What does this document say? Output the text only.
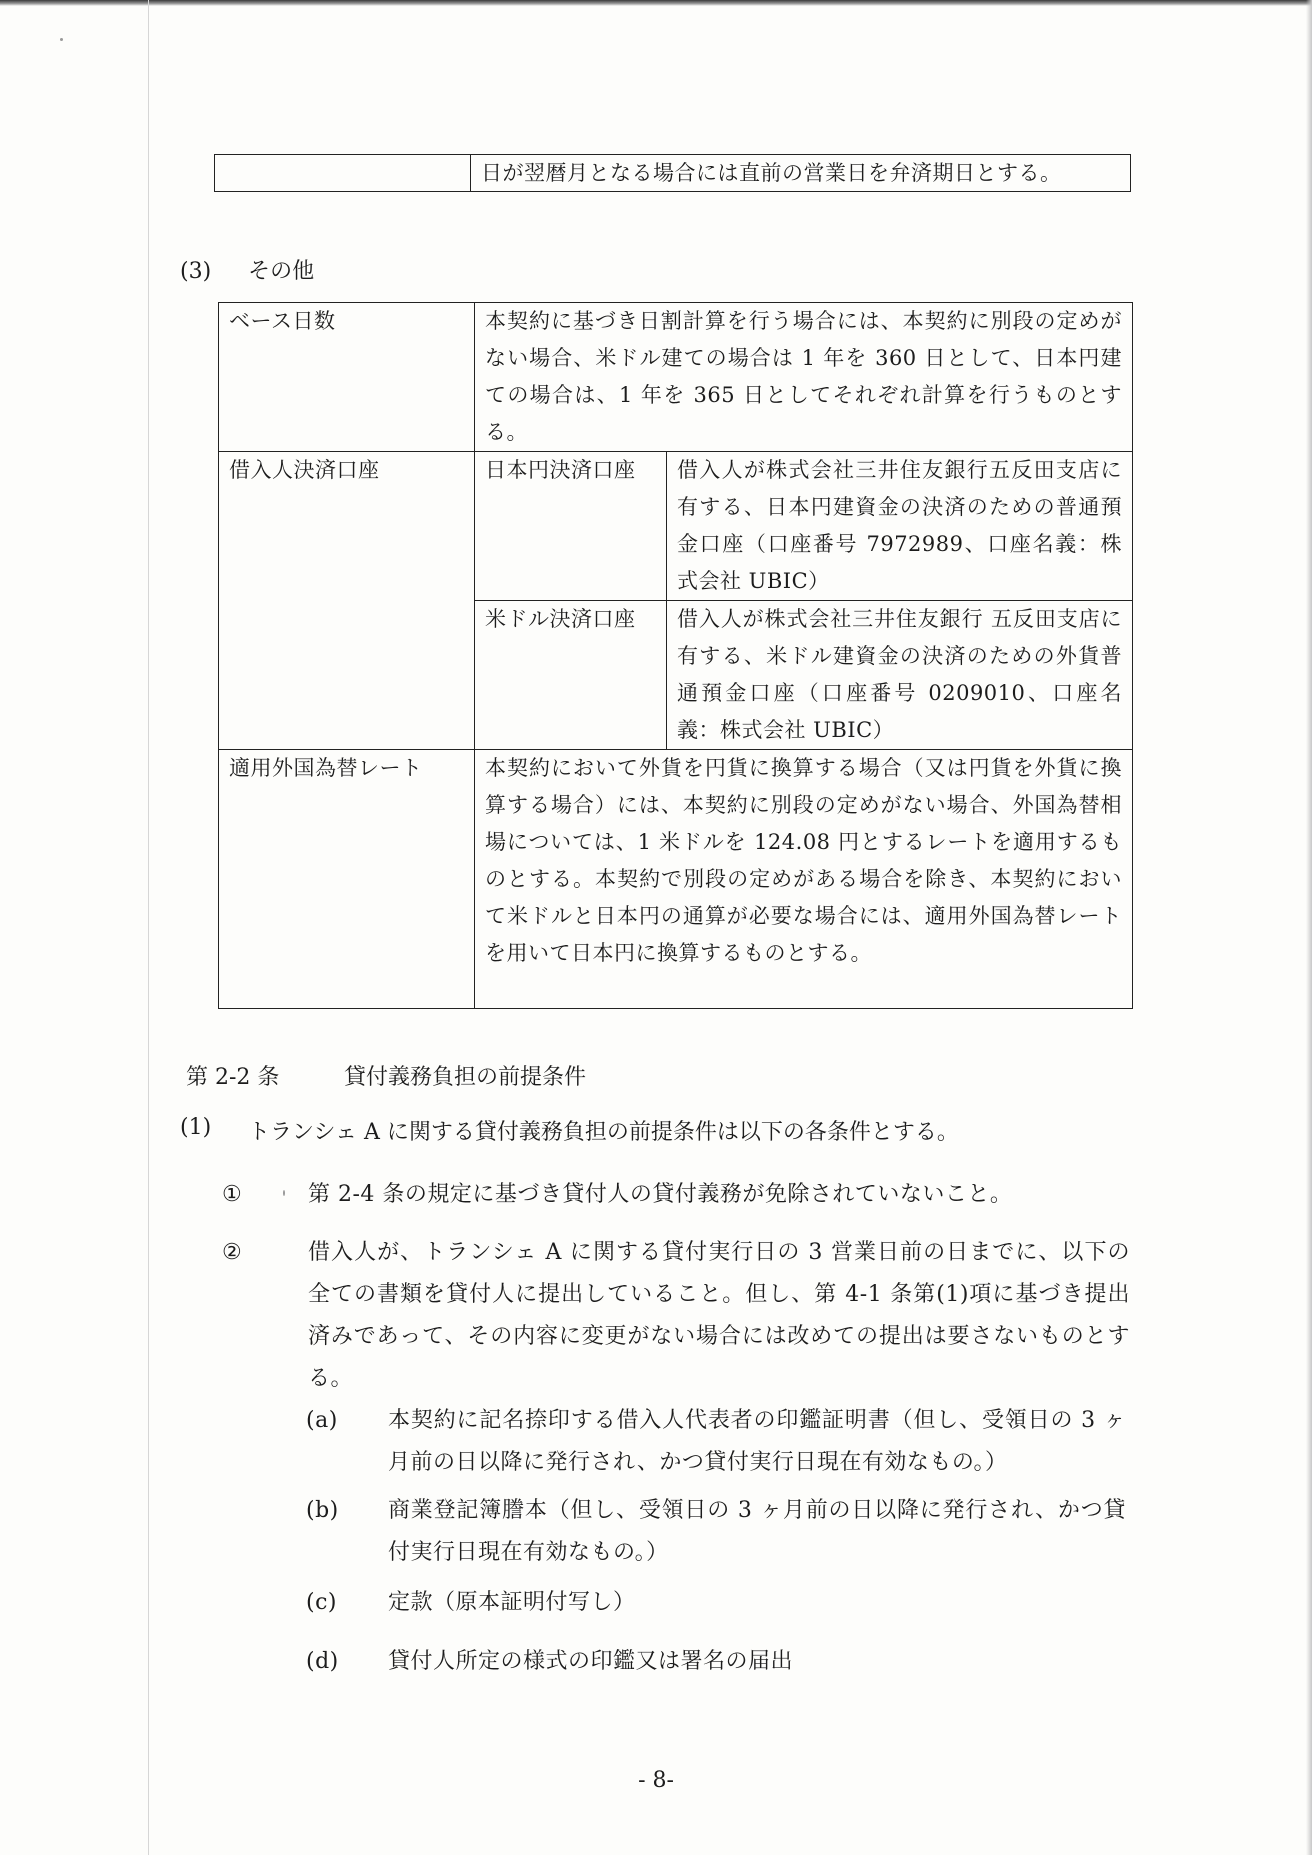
	日が翌暦月となる場合には直前の営業日を弁済期日とする。
(3) その他
ベース日数	本契約に基づき日割計算を行う場合には、本契約に別段の定めがない場合、米ドル建ての場合は 1 年を 360 日として、日本円建ての場合は、1 年を 365 日としてそれぞれ計算を行うものとする。	
借入人決済口座	日本円決済口座	借入人が株式会社三井住友銀行五反田支店に有する、日本円建資金の決済のための普通預金口座（口座番号 7972989、口座名義：株式会社 UBIC）
	米ドル決済口座	借入人が株式会社三井住友銀行 五反田支店に有する、米ドル建資金の決済のための外貨普通預金口座（口座番号 0209010、口座名義：株式会社 UBIC）
適用外国為替レート	本契約において外貨を円貨に換算する場合（又は円貨を外貨に換算する場合）には、本契約に別段の定めがない場合、外国為替相場については、1 米ドルを 124.08 円とするレートを適用するものとする。本契約で別段の定めがある場合を除き、本契約において米ドルと日本円の通算が必要な場合には、適用外国為替レートを用いて日本円に換算するものとする。	
第 2-2 条	貸付義務負担の前提条件
(1) トランシェ A に関する貸付義務負担の前提条件は以下の各条件とする。
①	第 2-4 条の規定に基づき貸付人の貸付義務が免除されていないこと。
②	借入人が、トランシェ A に関する貸付実行日の 3 営業日前の日までに、以下の全ての書類を貸付人に提出していること。但し、第 4-1 条第(1)項に基づき提出済みであって、その内容に変更がない場合には改めての提出は要さないものとする。
(a) 本契約に記名捺印する借入人代表者の印鑑証明書（但し、受領日の 3 ヶ月前の日以降に発行され、かつ貸付実行日現在有効なもの。）
(b) 商業登記簿謄本（但し、受領日の 3 ヶ月前の日以降に発行され、かつ貸付実行日現在有効なもの。）
(c) 定款（原本証明付写し）
(d) 貸付人所定の様式の印鑑又は署名の届出
- 8-
